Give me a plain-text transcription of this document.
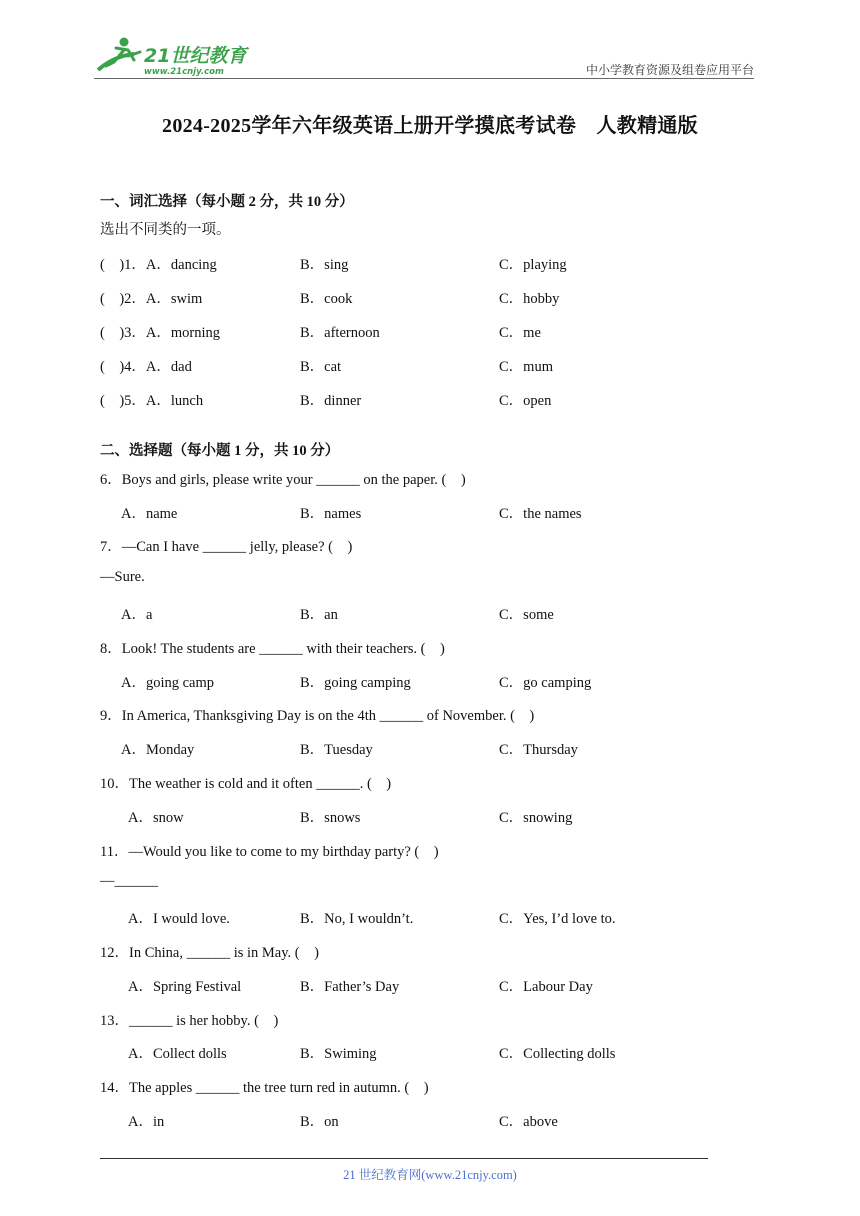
21世纪教育
www.21cnjy.com	中小学教育资源及组卷应用平台
2024-2025学年六年级英语上册开学摸底考试卷　人教精通版
一、词汇选择（每小题 2 分，共 10 分）
选出不同类的一项。
(　)1．A．dancing	B．sing	C．playing
(　)2．A．swim	B．cook	C．hobby
(　)3．A．morning	B．afternoon	C．me
(　)4．A．dad	B．cat	C．mum
(　)5．A．lunch	B．dinner	C．open
二、选择题（每小题 1 分，共 10 分）
6．Boys and girls, please write your ______ on the paper. (　)
A．name	B．names	C．the names
7．—Can I have ______ jelly, please? (　)
—Sure.
A．a	B．an	C．some
8．Look! The students are ______ with their teachers. (　)
A．going camp	B．going camping	C．go camping
9．In America, Thanksgiving Day is on the 4th ______ of November. (　)
A．Monday	B．Tuesday	C．Thursday
10．The weather is cold and it often ______. (　)
A．snow	B．snows	C．snowing
11．—Would you like to come to my birthday party? (　)
—______
A．I would love.	B．No, I wouldn’t.	C．Yes, I’d love to.
12．In China, ______ is in May. (　)
A．Spring Festival	B．Father’s Day	C．Labour Day
13．______ is her hobby. (　)
A．Collect dolls	B．Swiming	C．Collecting dolls
14．The apples ______ the tree turn red in autumn. (　)
A．in	B．on	C．above
21 世纪教育网(www.21cnjy.com)
